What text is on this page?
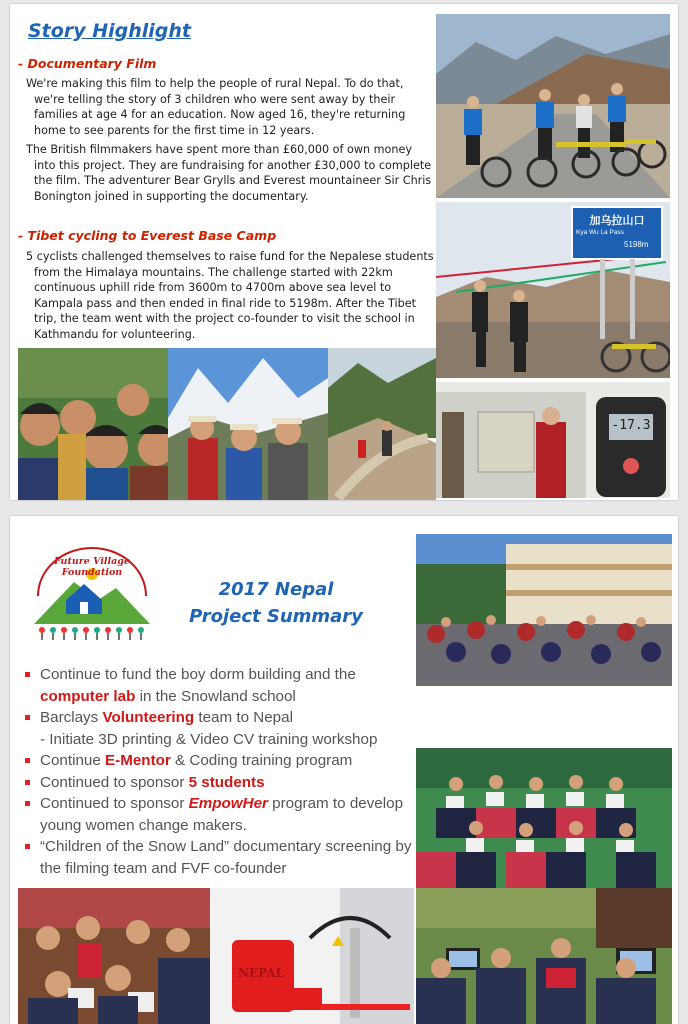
Story Highlight
- Documentary Film

We're making this film to help the people of rural Nepal. To do that, we're telling the story of 3 children who were sent away by their families at age 4 for an education. Now aged 16, they're returning home to see parents for the first time in 12 years.

The British filmmakers have spent more than £60,000 of own money into this project. They are fundraising for another £30,000 to complete the film. The adventurer Bear Grylls and Everest mountaineer Sir Chris Bonington joined in supporting the documentary.

- Tibet cycling to Everest Base Camp

5 cyclists challenged themselves to raise fund for the Nepalese students from the Himalaya mountains. The challenge started with 22km continuous uphill ride from 3600m to 4700m above sea level to Kampala pass and then ended in final ride to 5198m. After the Tibet trip, the team went with the project co-founder to visit the school in Kathmandu for volunteering.

加乌拉山口
Kya Wu La Pass
5198m
-17.3
Future Village Foundation
2017 Nepal
Project Summary
Continue to fund the boy dorm building and the computer lab in the Snowland school
Barclays Volunteering team to Nepal
- Initiate 3D printing & Video CV training workshop
Continue E-Mentor & Coding training program
Continued to sponsor 5 students
Continued to sponsor EmpowHer program to develop young women change makers.
“Children of the Snow Land” documentary screening by the filming team and FVF co-founder
NEPAL
